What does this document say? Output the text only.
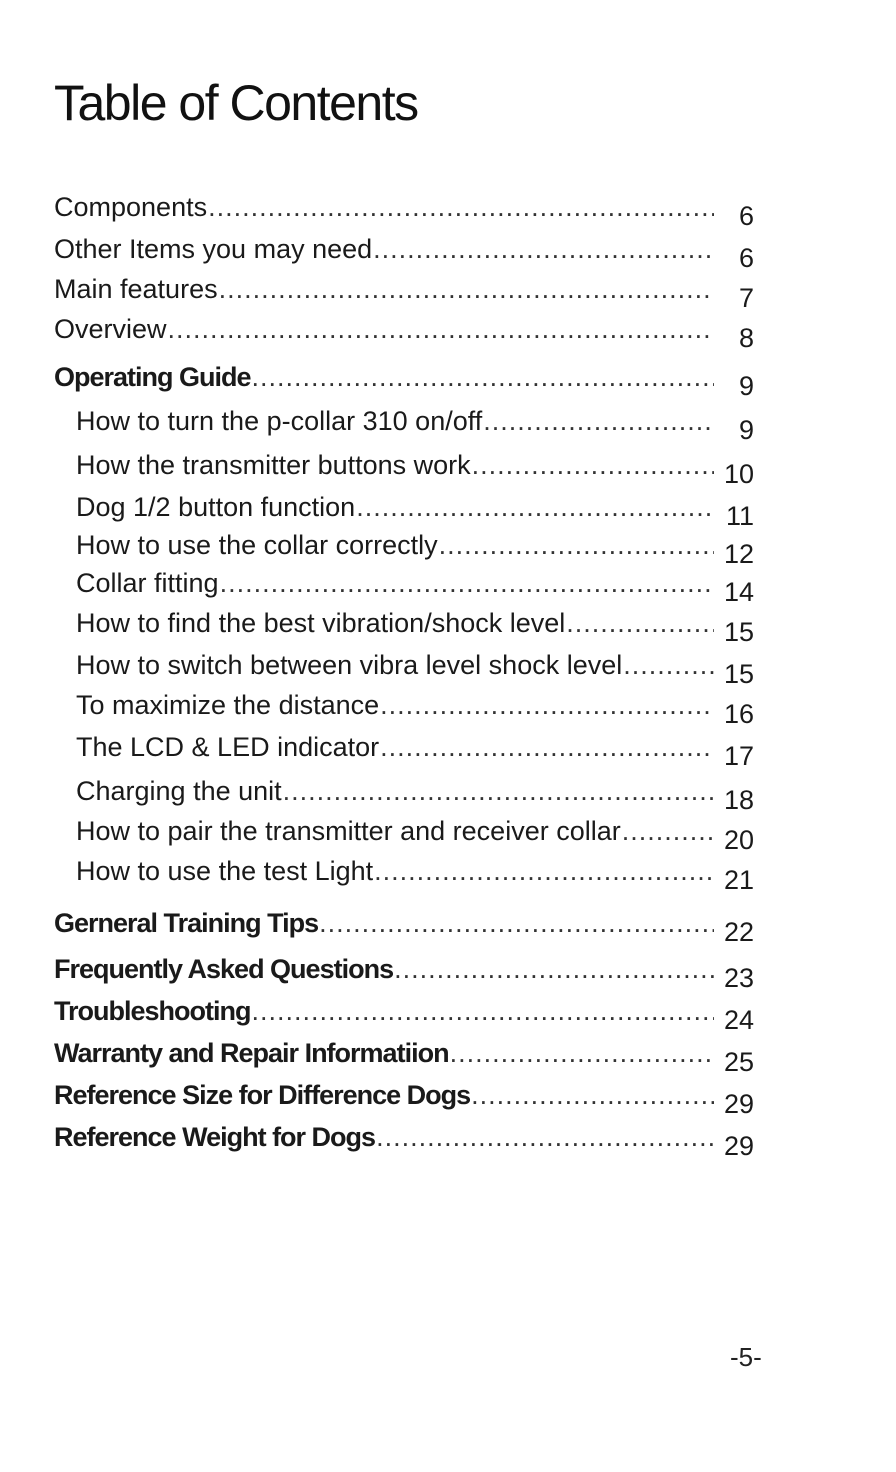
Table of Contents
Components .....	6
Other Items you may need .....	6
Main features .....	7
Overview .....	8
Operating Guide .....	9
How to turn the p-collar 310 on/off .....	9
How the transmitter buttons work .....	10
Dog 1/2 button function .....	11
How to use the collar correctly .....	12
Collar fitting .....	14
How to find the best vibration/shock level .....	15
How to switch between vibra level shock level .....	15
To maximize the distance .....	16
The LCD & LED indicator .....	17
Charging the unit .....	18
How to pair the transmitter and receiver collar .....	20
How to use the test Light .....	21
Gerneral Training Tips .....	22
Frequently Asked Questions .....	23
Troubleshooting .....	24
Warranty and Repair Informatiion .....	25
Reference Size for Difference Dogs .....	29
Reference Weight for Dogs .....	29
-5-
